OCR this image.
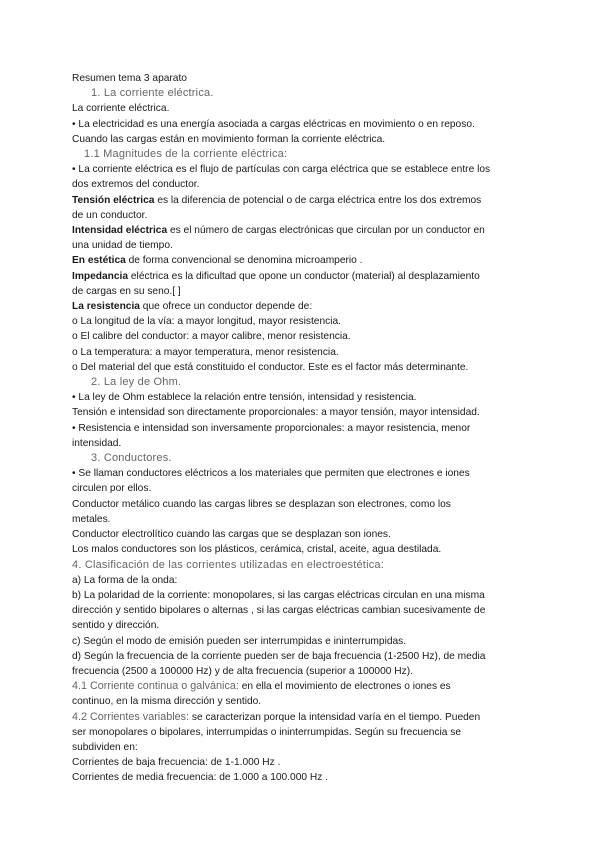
Resumen tema 3 aparato
1. La corriente eléctrica.
La corriente eléctrica.
• La electricidad es una energía asociada a cargas eléctricas en movimiento o en reposo.
Cuando las cargas están en movimiento forman la corriente eléctrica.
1.1 Magnitudes de la corriente eléctrica:
• La corriente eléctrica es el flujo de partículas con carga eléctrica que se establece entre los
dos extremos del conductor.
Tensión eléctrica es la diferencia de potencial o de carga eléctrica entre los dos extremos
de un conductor.
Intensidad eléctrica es el número de cargas electrónicas que circulan por un conductor en
una unidad de tiempo.
En estética de forma convencional se denomina microamperio .
Impedancia eléctrica es la dificultad que opone un conductor (material) al desplazamiento
de cargas en su seno.[ ]
La resistencia que ofrece un conductor depende de:
o La longitud de la vía: a mayor longitud, mayor resistencia.
o El calibre del conductor: a mayor calibre, menor resistencia.
o La temperatura: a mayor temperatura, menor resistencia.
o Del material del que está constituido el conductor. Este es el factor más determinante.
2. La ley de Ohm.
• La ley de Ohm establece la relación entre tensión, intensidad y resistencia.
Tensión e intensidad son directamente proporcionales: a mayor tensión, mayor intensidad.
• Resistencia e intensidad son inversamente proporcionales: a mayor resistencia, menor
intensidad.
3. Conductores.
• Se llaman conductores eléctricos a los materiales que permiten que electrones e iones
circulen por ellos.
Conductor metálico cuando las cargas libres se desplazan son electrones, como los
metales.
Conductor electrolítico cuando las cargas que se desplazan son iones.
Los malos conductores son los plásticos, cerámica, cristal, aceite, agua destilada.
4. Clasificación de las corrientes utilizadas en electroestética:
a) La forma de la onda:
b) La polaridad de la corriente: monopolares, si las cargas eléctricas circulan en una misma
dirección y sentido bipolares o alternas , si las cargas eléctricas cambian sucesivamente de
sentido y dirección.
c) Según el modo de emisión pueden ser interrumpidas e ininterrumpidas.
d) Según la frecuencia de la corriente pueden ser de baja frecuencia (1-2500 Hz), de media
frecuencia (2500 a 100000 Hz) y de alta frecuencia (superior a 100000 Hz).
4.1 Corriente continua o galvánica: en ella el movimiento de electrones o iones es
continuo, en la misma dirección y sentido.
4.2 Corrientes variables: se caracterizan porque la intensidad varía en el tiempo. Pueden
ser monopolares o bipolares, interrumpidas o ininterrumpidas. Según su frecuencia se
subdividen en:
Corrientes de baja frecuencia: de 1-1.000 Hz .
Corrientes de media frecuencia: de 1.000 a 100.000 Hz .
